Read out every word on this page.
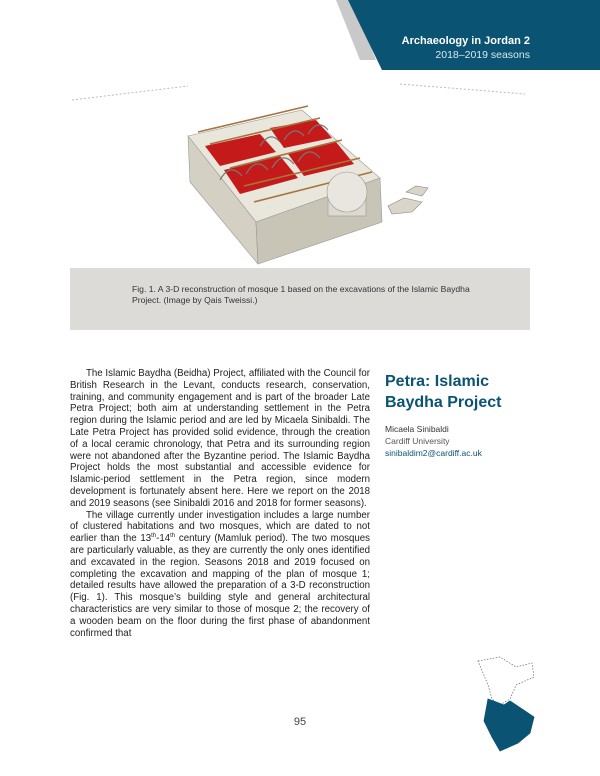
Archaeology in Jordan 2
2018–2019 seasons
Fig. 1. A 3-D reconstruction of mosque 1 based on the excavations of the Islamic Baydha Project. (Image by Qais Tweissi.)

The Islamic Baydha (Beidha) Project, affiliated with the Council for British Research in the Levant, conducts research, conservation, training, and community engagement and is part of the broader Late Petra Project; both aim at understanding settlement in the Petra region during the Islamic period and are led by Micaela Sinibaldi. The Late Petra Project has provided solid evidence, through the creation of a local ceramic chronology, that Petra and its surrounding region were not abandoned after the Byzantine period. The Islamic Baydha Project holds the most substantial and accessible evidence for Islamic-period settlement in the Petra region, since modern development is fortunately absent here. Here we report on the 2018 and 2019 seasons (see Sinibaldi 2016 and 2018 for former seasons).

The village currently under investigation includes a large number of clustered habitations and two mosques, which are dated to not earlier than the 13th-14th century (Mamluk period). The two mosques are particularly valuable, as they are currently the only ones identified and excavated in the region. Seasons 2018 and 2019 focused on completing the excavation and mapping of the plan of mosque 1; detailed results have allowed the preparation of a 3-D reconstruction (Fig. 1). This mosque’s building style and general architectural characteristics are very similar to those of mosque 2; the recovery of a wooden beam on the floor during the first phase of abandonment confirmed that

Petra: Islamic Baydha Project
Micaela Sinibaldi
Cardiff University
sinibaldim2@cardiff.ac.uk
95
